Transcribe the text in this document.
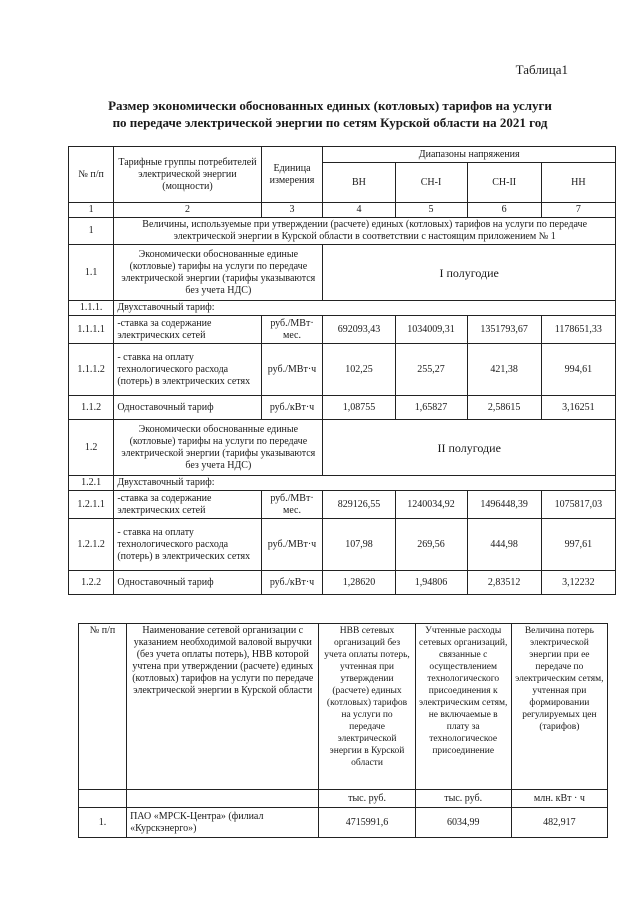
Таблица1
Размер экономически обоснованных единых (котловых) тарифов на услуги
по передаче электрической энергии по сетям Курской области на 2021 год
№ п/п	Тарифные группы потребителей электрической энергии (мощности)	Единица измерения	Диапазоны напряжения			
			ВН	СН-I	СН-II	НН
1	2	3	4	5	6	7
1	Величины, используемые при утверждении (расчете) единых (котловых) тарифов на услуги по передаче электрической энергии в Курской области в соответствии с настоящим приложением № 1					
1.1	Экономически обоснованные единые (котловые) тарифы на услуги по передаче электрической энергии (тарифы указываются без учета НДС)		I полугодие			
1.1.1.	Двухставочный тариф:					
1.1.1.1	-ставка за содержание электрических сетей	руб./МВт· мес.	692093,43	1034009,31	1351793,67	1178651,33
1.1.1.2	- ставка на оплату технологического расхода (потерь) в электрических сетях	руб./МВт·ч	102,25	255,27	421,38	994,61
1.1.2	Одноставочный тариф	руб./кВт·ч	1,08755	1,65827	2,58615	3,16251
1.2	Экономически обоснованные единые (котловые) тарифы на услуги по передаче электрической энергии (тарифы указываются без учета НДС)		II полугодие			
1.2.1	Двухставочный тариф:					
1.2.1.1	-ставка за содержание электрических сетей	руб./МВт· мес.	829126,55	1240034,92	1496448,39	1075817,03
1.2.1.2	- ставка на оплату технологического расхода (потерь) в электрических сетях	руб./МВт·ч	107,98	269,56	444,98	997,61
1.2.2	Одноставочный тариф	руб./кВт·ч	1,28620	1,94806	2,83512	3,12232
№ п/п	Наименование сетевой организации с указанием необходимой валовой выручки (без учета оплаты потерь), НВВ которой учтена при утверждении (расчете) единых (котловых) тарифов на услуги по передаче электрической энергии в Курской области	НВВ сетевых организаций без учета оплаты потерь, учтенная при утверждении (расчете) единых (котловых) тарифов на услуги по передаче электрической энергии в Курской области	Учтенные расходы сетевых организаций, связанные с осуществлением технологического присоединения к электрическим сетям, не включаемые в плату за технологическое присоединение	Величина потерь электрической энергии при ее передаче по электрическим сетям, учтенная при формировании регулируемых цен (тарифов)
		тыс. руб.	тыс. руб.	млн. кВт · ч
1.	ПАО «МРСК-Центра» (филиал «Курскэнерго»)	4715991,6	6034,99	482,917
